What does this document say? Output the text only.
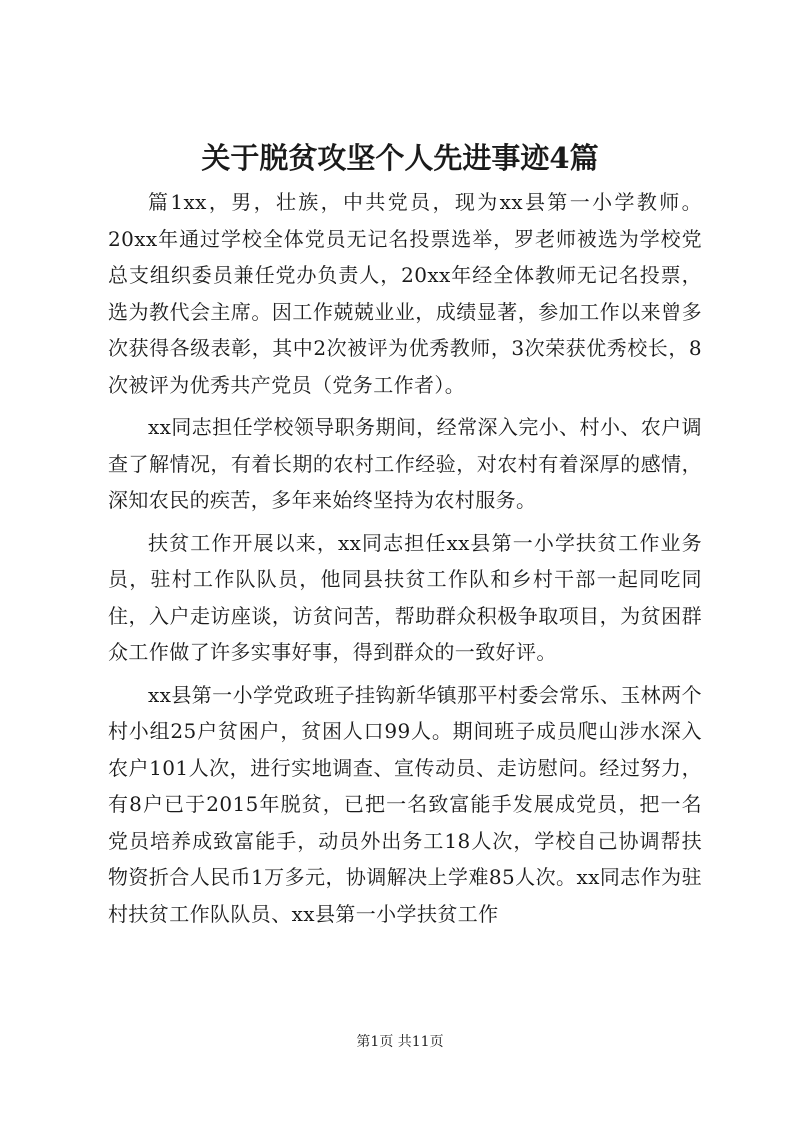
关于脱贫攻坚个人先进事迹4篇

篇1xx，男，壮族，中共党员，现为xx县第一小学教师。20xx年通过学校全体党员无记名投票选举，罗老师被选为学校党总支组织委员兼任党办负责人，20xx年经全体教师无记名投票，选为教代会主席。因工作兢兢业业，成绩显著，参加工作以来曾多次获得各级表彰，其中2次被评为优秀教师，3次荣获优秀校长，8次被评为优秀共产党员（党务工作者）。

xx同志担任学校领导职务期间，经常深入完小、村小、农户调查了解情况，有着长期的农村工作经验，对农村有着深厚的感情，深知农民的疾苦，多年来始终坚持为农村服务。

扶贫工作开展以来，xx同志担任xx县第一小学扶贫工作业务员，驻村工作队队员，他同县扶贫工作队和乡村干部一起同吃同住，入户走访座谈，访贫问苦，帮助群众积极争取项目，为贫困群众工作做了许多实事好事，得到群众的一致好评。

xx县第一小学党政班子挂钩新华镇那平村委会常乐、玉林两个村小组25户贫困户，贫困人口99人。期间班子成员爬山涉水深入农户101人次，进行实地调查、宣传动员、走访慰问。经过努力，有8户已于2015年脱贫，已把一名致富能手发展成党员，把一名党员培养成致富能手，动员外出务工18人次，学校自己协调帮扶物资折合人民币1万多元，协调解决上学难85人次。xx同志作为驻村扶贫工作队队员、xx县第一小学扶贫工作

第1页 共11页
